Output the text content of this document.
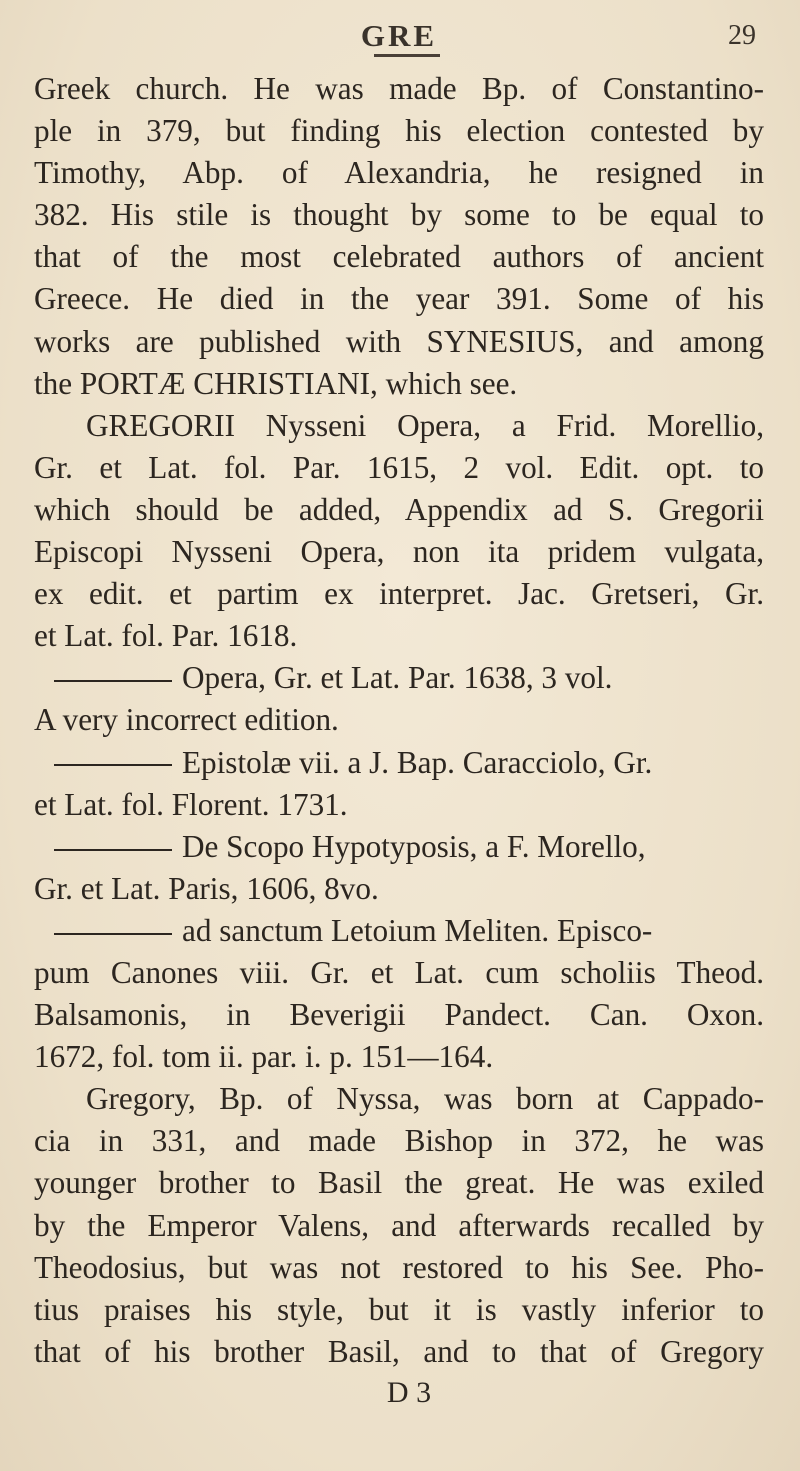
GRE	29
Greek church. He was made Bp. of Constantino-
ple in 379, but finding his election contested by
Timothy, Abp. of Alexandria, he resigned in
382. His stile is thought by some to be equal to
that of the most celebrated authors of ancient
Greece. He died in the year 391. Some of his
works are published with SYNESIUS, and among
the PORTÆ CHRISTIANI, which see.
GREGORII Nysseni Opera, a Frid. Morellio,
Gr. et Lat. fol. Par. 1615, 2 vol. Edit. opt. to
which should be added, Appendix ad S. Gregorii
Episcopi Nysseni Opera, non ita pridem vulgata,
ex edit. et partim ex interpret. Jac. Gretseri, Gr.
et Lat. fol. Par. 1618.
Opera, Gr. et Lat. Par. 1638, 3 vol.
A very incorrect edition.
Epistolæ vii. a J. Bap. Caracciolo, Gr.
et Lat. fol. Florent. 1731.
De Scopo Hypotyposis, a F. Morello,
Gr. et Lat. Paris, 1606, 8vo.
ad sanctum Letoium Meliten. Episco-
pum Canones viii. Gr. et Lat. cum scholiis Theod.
Balsamonis, in Beverigii Pandect. Can. Oxon.
1672, fol. tom ii. par. i. p. 151—164.
Gregory, Bp. of Nyssa, was born at Cappado-
cia in 331, and made Bishop in 372, he was
younger brother to Basil the great. He was exiled
by the Emperor Valens, and afterwards recalled by
Theodosius, but was not restored to his See. Pho-
tius praises his style, but it is vastly inferior to
that of his brother Basil, and to that of Gregory
D 3
